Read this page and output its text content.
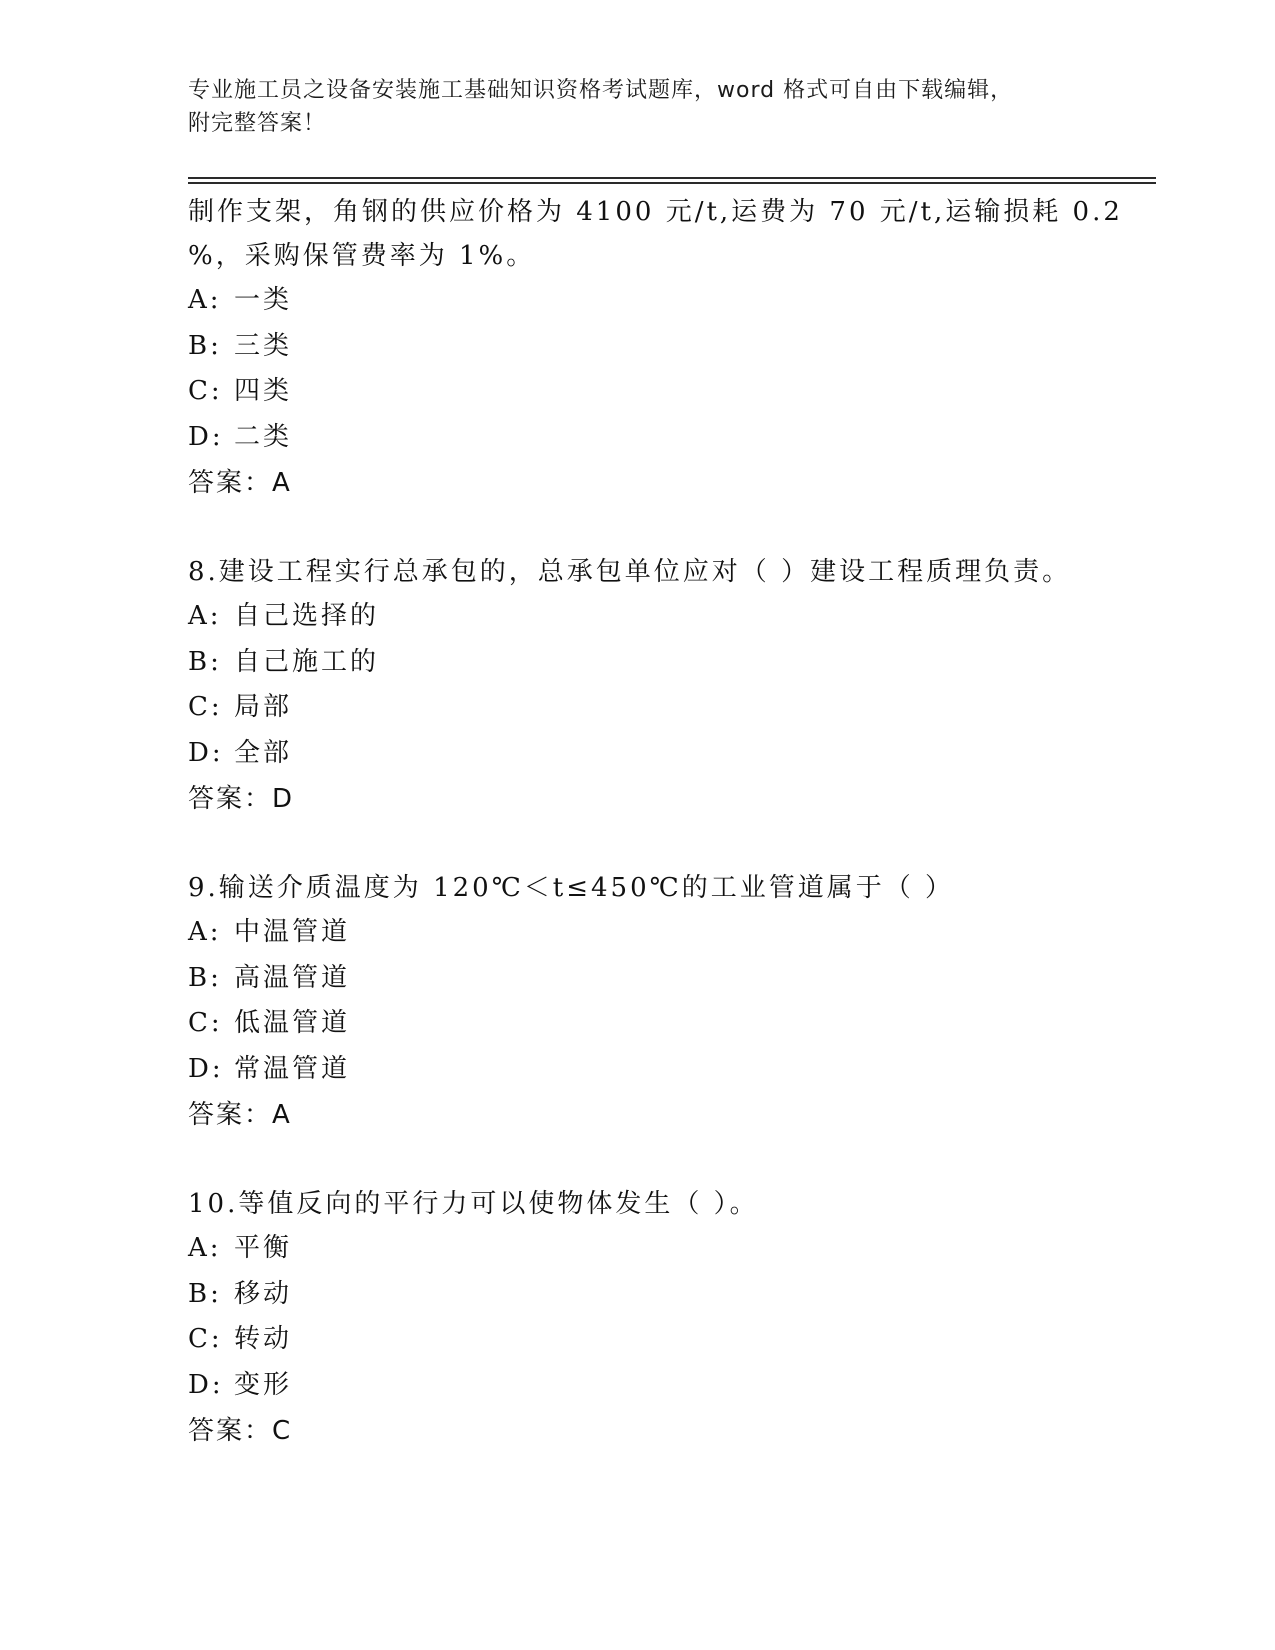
专业施工员之设备安装施工基础知识资格考试题库，word 格式可自由下载编辑，
附完整答案！
制作支架，角钢的供应价格为 4100 元/t,运费为 70 元/t,运输损耗 0.2
%，采购保管费率为 1%。
A: 一类
B: 三类
C: 四类
D: 二类
答案：A
8.建设工程实行总承包的，总承包单位应对（ ）建设工程质理负责。
A: 自己选择的
B: 自己施工的
C: 局部
D: 全部
答案：D
9.输送介质温度为 120℃＜t≤450℃的工业管道属于（ ）
A: 中温管道
B: 高温管道
C: 低温管道
D: 常温管道
答案：A
10.等值反向的平行力可以使物体发生（ ）。
A: 平衡
B: 移动
C: 转动
D: 变形
答案：C
